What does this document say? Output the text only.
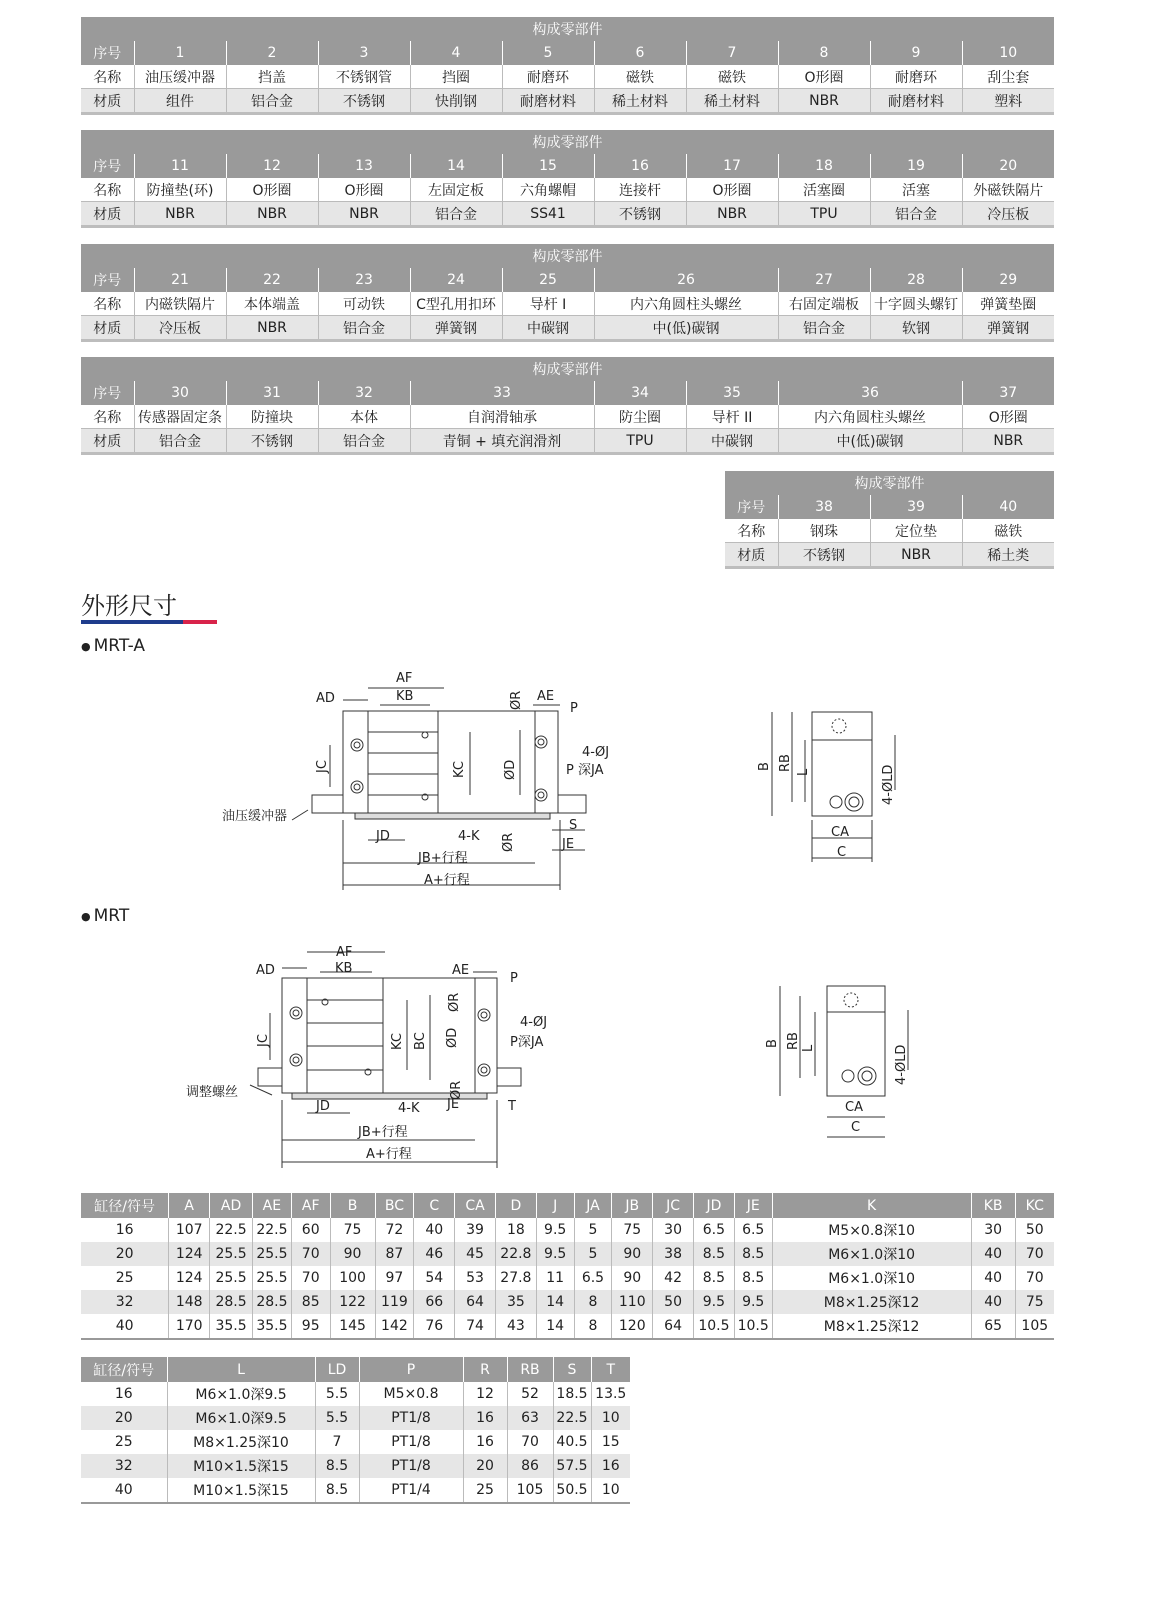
构成零部件										
序号	1	2	3	4	5	6	7	8	9	10
名称	油压缓冲器	挡盖	不锈钢管	挡圈	耐磨环	磁铁	磁铁	O形圈	耐磨环	刮尘套
材质	组件	铝合金	不锈钢	快削钢	耐磨材料	稀土材料	稀土材料	NBR	耐磨材料	塑料
构成零部件										
序号	11	12	13	14	15	16	17	18	19	20
名称	防撞垫(环)	O形圈	O形圈	左固定板	六角螺帽	连接杆	O形圈	活塞圈	活塞	外磁铁隔片
材质	NBR	NBR	NBR	铝合金	SS41	不锈钢	NBR	TPU	铝合金	冷压板
构成零部件									
序号	21	22	23	24	25	26	27	28	29
名称	内磁铁隔片	本体端盖	可动铁	C型孔用扣环	导杆 I	内六角圆柱头螺丝	右固定端板	十字圆头螺钉	弹簧垫圈
材质	冷压板	NBR	铝合金	弹簧钢	中碳钢	中(低)碳钢	铝合金	软钢	弹簧钢
构成零部件								
序号	30	31	32	33	34	35	36	37
名称	传感器固定条	防撞块	本体	自润滑轴承	防尘圈	导杆 II	内六角圆柱头螺丝	O形圈
材质	铝合金	不锈钢	铝合金	青铜 + 填充润滑剂	TPU	中碳钢	中(低)碳钢	NBR
构成零部件			
序号	38	39	40
名称	钢珠	定位垫	磁铁
材质	不锈钢	NBR	稀土类
外形尺寸
● MRT-A
● MRT
AD
AF
KB	AE
P
4-ØJ
P 深JA
油压缓冲器
JD	4-K
S
JE
JB+行程
A+行程
CA
C
JC	KC	ØD
ØR
ØR
B RB
L	4-ØLD
AD
AF
KB	AE
P
4-ØJ
P深JA
调整螺丝
JD	4-K JE	T
JB+行程
A+行程
CA
C
JC	KC BC ØD
ØR
ØR
B RB L	4-ØLD
缸径/符号	A	AD	AE	AF	B	BC	C	CA	D	J	JA	JB	JC	JD	JE	K	KB	KC
16	107	22.5	22.5	60	75	72	40	39	18	9.5	5	75	30	6.5	6.5	M5×0.8深10	30	50
20	124	25.5	25.5	70	90	87	46	45	22.8	9.5	5	90	38	8.5	8.5	M6×1.0深10	40	70
25	124	25.5	25.5	70	100	97	54	53	27.8	11	6.5	90	42	8.5	8.5	M6×1.0深10	40	70
32	148	28.5	28.5	85	122	119	66	64	35	14	8	110	50	9.5	9.5	M8×1.25深12	40	75
40	170	35.5	35.5	95	145	142	76	74	43	14	8	120	64	10.5	10.5	M8×1.25深12	65	105
缸径/符号	L	LD	P	R	RB	S	T
16	M6×1.0深9.5	5.5	M5×0.8	12	52	18.5	13.5
20	M6×1.0深9.5	5.5	PT1/8	16	63	22.5	10
25	M8×1.25深10	7	PT1/8	16	70	40.5	15
32	M10×1.5深15	8.5	PT1/8	20	86	57.5	16
40	M10×1.5深15	8.5	PT1/4	25	105	50.5	10
